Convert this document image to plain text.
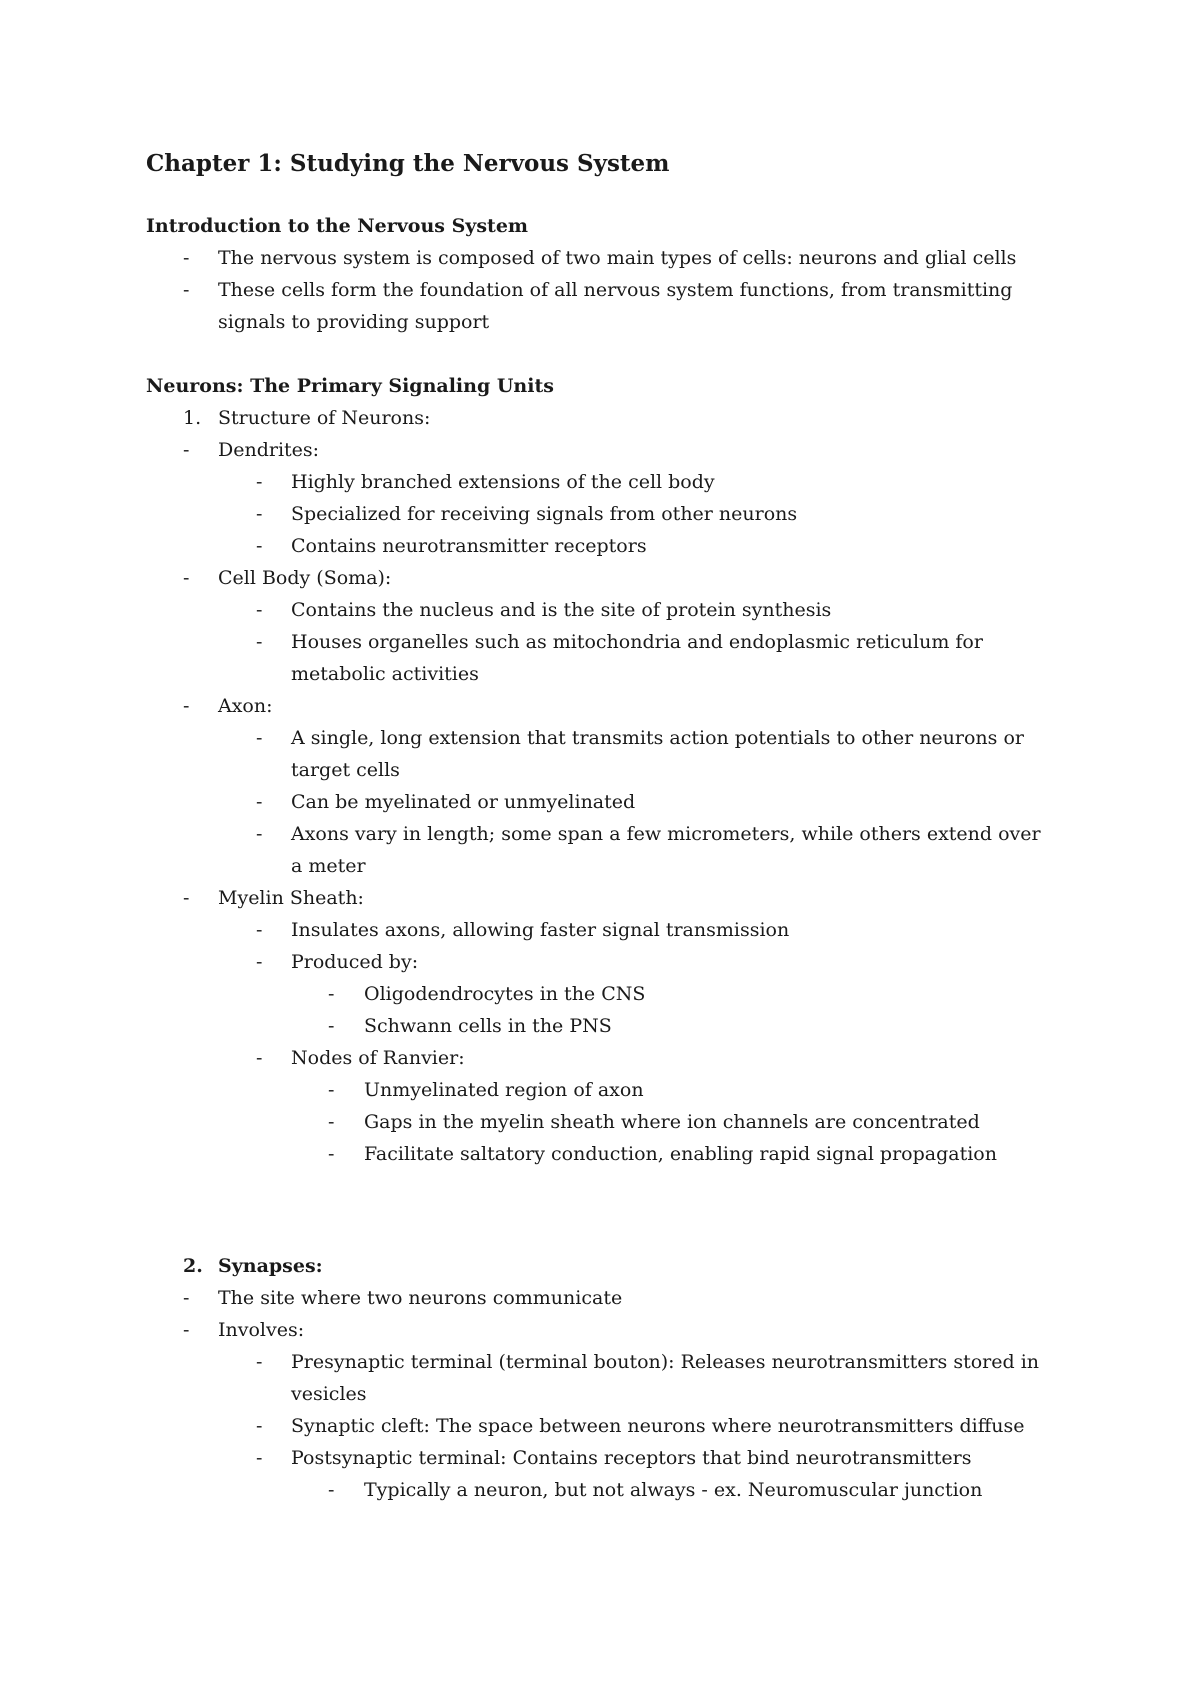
Chapter 1: Studying the Nervous System
Introduction to the Nervous System
- The nervous system is composed of two main types of cells: neurons and glial cells
- These cells form the foundation of all nervous system functions, from transmitting
signals to providing support
Neurons: The Primary Signaling Units
1. Structure of Neurons:
- Dendrites:
- Highly branched extensions of the cell body
- Specialized for receiving signals from other neurons
- Contains neurotransmitter receptors
- Cell Body (Soma):
- Contains the nucleus and is the site of protein synthesis
- Houses organelles such as mitochondria and endoplasmic reticulum for
metabolic activities
- Axon:
- A single, long extension that transmits action potentials to other neurons or
target cells
- Can be myelinated or unmyelinated
- Axons vary in length; some span a few micrometers, while others extend over
a meter
- Myelin Sheath:
- Insulates axons, allowing faster signal transmission
- Produced by:
- Oligodendrocytes in the CNS
- Schwann cells in the PNS
- Nodes of Ranvier:
- Unmyelinated region of axon
- Gaps in the myelin sheath where ion channels are concentrated
- Facilitate saltatory conduction, enabling rapid signal propagation
2. Synapses:
- The site where two neurons communicate
- Involves:
- Presynaptic terminal (terminal bouton): Releases neurotransmitters stored in
vesicles
- Synaptic cleft: The space between neurons where neurotransmitters diffuse
- Postsynaptic terminal: Contains receptors that bind neurotransmitters
- Typically a neuron, but not always - ex. Neuromuscular junction
